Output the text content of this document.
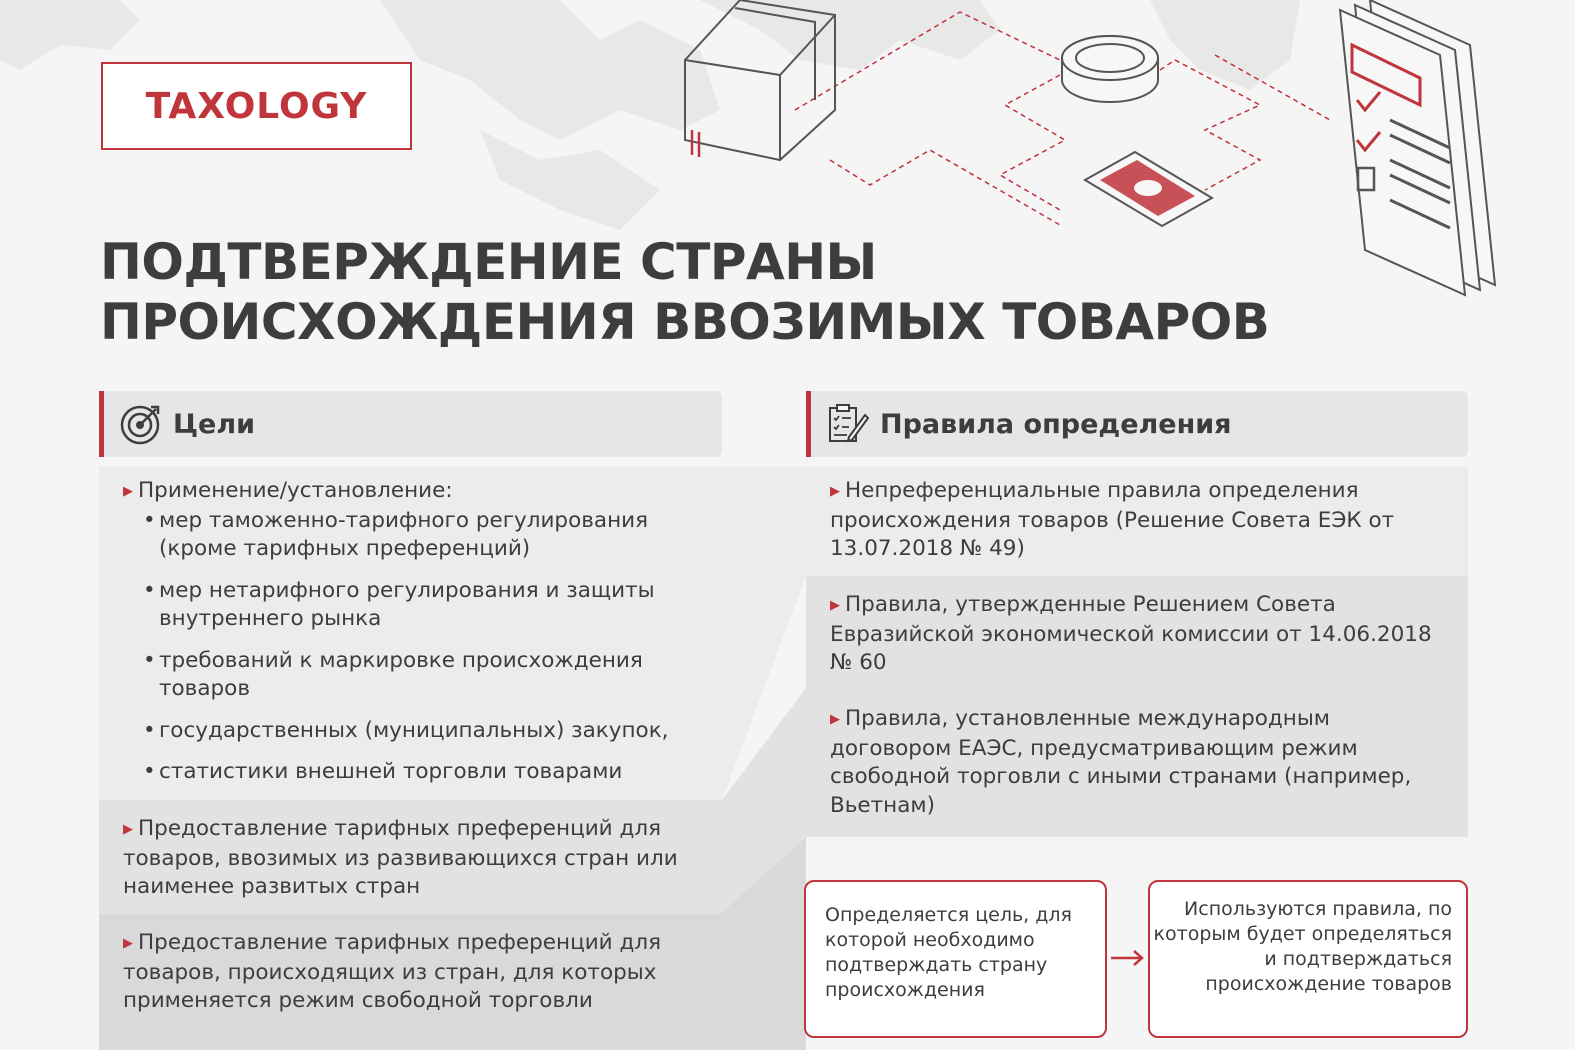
TAXOLOGY
ПОДТВЕРЖДЕНИЕ СТРАНЫ
ПРОИСХОЖДЕНИЯ ВВОЗИМЫХ ТОВАРОВ
Цели	Правила определения
▶ Применение/установление:
• мер таможенно-тарифного регулирования (кроме тарифных преференций)
• мер нетарифного регулирования и защиты внутреннего рынка
• требований к маркировке происхождения товаров
• государственных (муниципальных) закупок,
• статистики внешней торговли товарами
▶ Предоставление тарифных преференций для товаров, ввозимых из развивающихся стран или наименее развитых стран
▶ Предоставление тарифных преференций для товаров, происходящих из стран, для которых применяется режим свободной торговли
▶ Непреференциальные правила определения происхождения товаров (Решение Совета ЕЭК от 13.07.2018 № 49)
▶ Правила, утвержденные Решением Совета Евразийской экономической комиссии от 14.06.2018 № 60
▶ Правила, установленные международным договором ЕАЭС, предусматривающим режим свободной торговли с иными странами (например, Вьетнам)
Определяется цель, для которой необходимо подтверждать страну происхождения
Используются правила, по которым будет определяться и подтверждаться происхождение товаров
